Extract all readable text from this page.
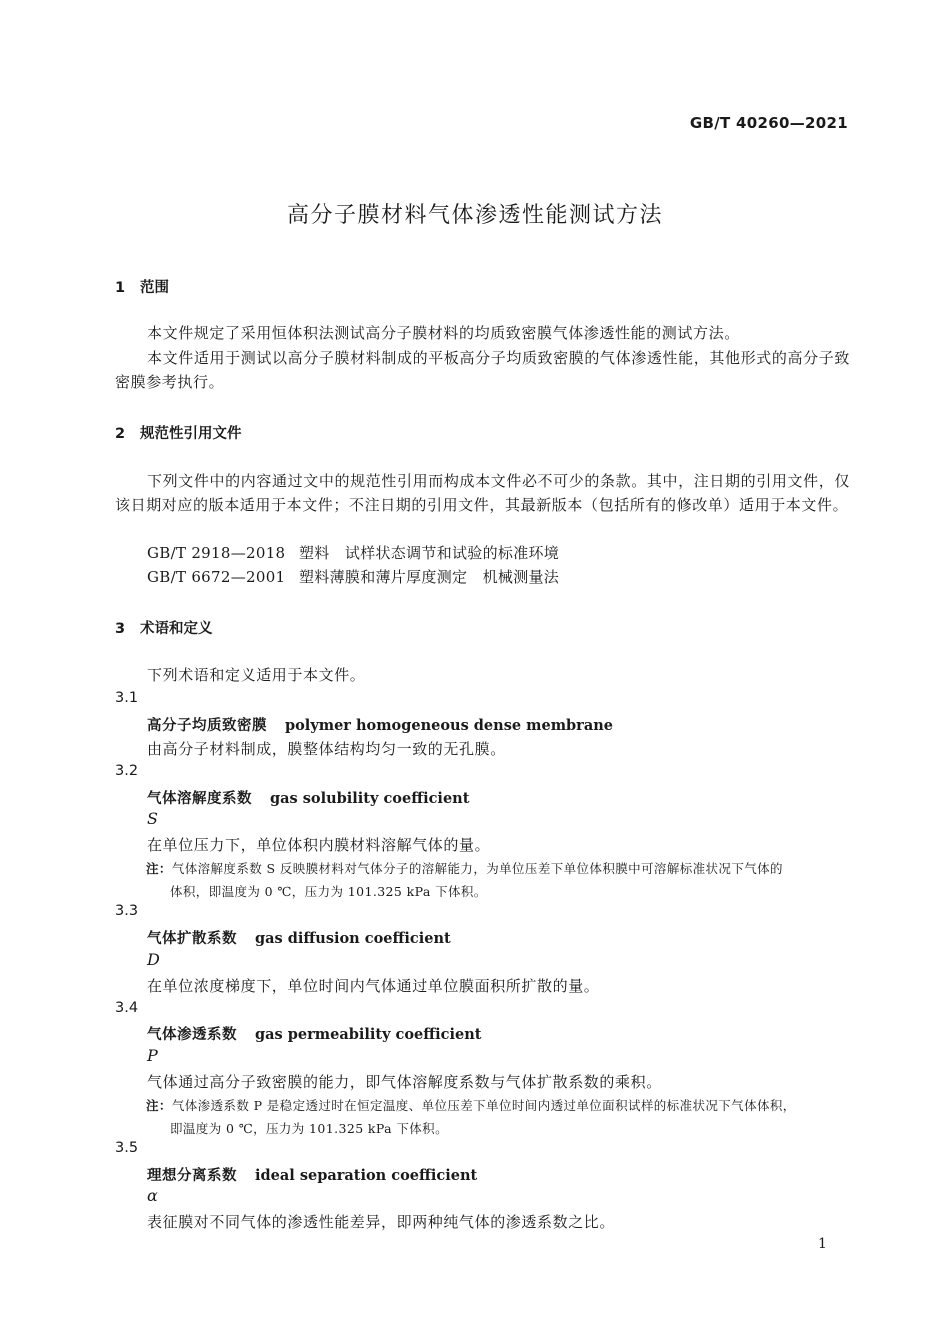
GB/T 40260—2021
高分子膜材料气体渗透性能测试方法
1 范围
本文件规定了采用恒体积法测试高分子膜材料的均质致密膜气体渗透性能的测试方法。
本文件适用于测试以高分子膜材料制成的平板高分子均质致密膜的气体渗透性能，其他形式的高分子致密膜参考执行。
2 规范性引用文件
下列文件中的内容通过文中的规范性引用而构成本文件必不可少的条款。其中，注日期的引用文件，仅该日期对应的版本适用于本文件；不注日期的引用文件，其最新版本（包括所有的修改单）适用于本文件。
GB/T 2918—2018 塑料　试样状态调节和试验的标准环境
GB/T 6672—2001 塑料薄膜和薄片厚度测定　机械测量法
3 术语和定义
下列术语和定义适用于本文件。
3.1
高分子均质致密膜 polymer homogeneous dense membrane
由高分子材料制成，膜整体结构均匀一致的无孔膜。
3.2
气体溶解度系数 gas solubility coefficient
S
在单位压力下，单位体积内膜材料溶解气体的量。
注：气体溶解度系数 S 反映膜材料对气体分子的溶解能力，为单位压差下单位体积膜中可溶解标准状况下气体的
体积，即温度为 0 ℃，压力为 101.325 kPa 下体积。
3.3
气体扩散系数 gas diffusion coefficient
D
在单位浓度梯度下，单位时间内气体通过单位膜面积所扩散的量。
3.4
气体渗透系数 gas permeability coefficient
P
气体通过高分子致密膜的能力，即气体溶解度系数与气体扩散系数的乘积。
注：气体渗透系数 P 是稳定透过时在恒定温度、单位压差下单位时间内透过单位面积试样的标准状况下气体体积，
即温度为 0 ℃，压力为 101.325 kPa 下体积。
3.5
理想分离系数 ideal separation coefficient
α
表征膜对不同气体的渗透性能差异，即两种纯气体的渗透系数之比。
1
